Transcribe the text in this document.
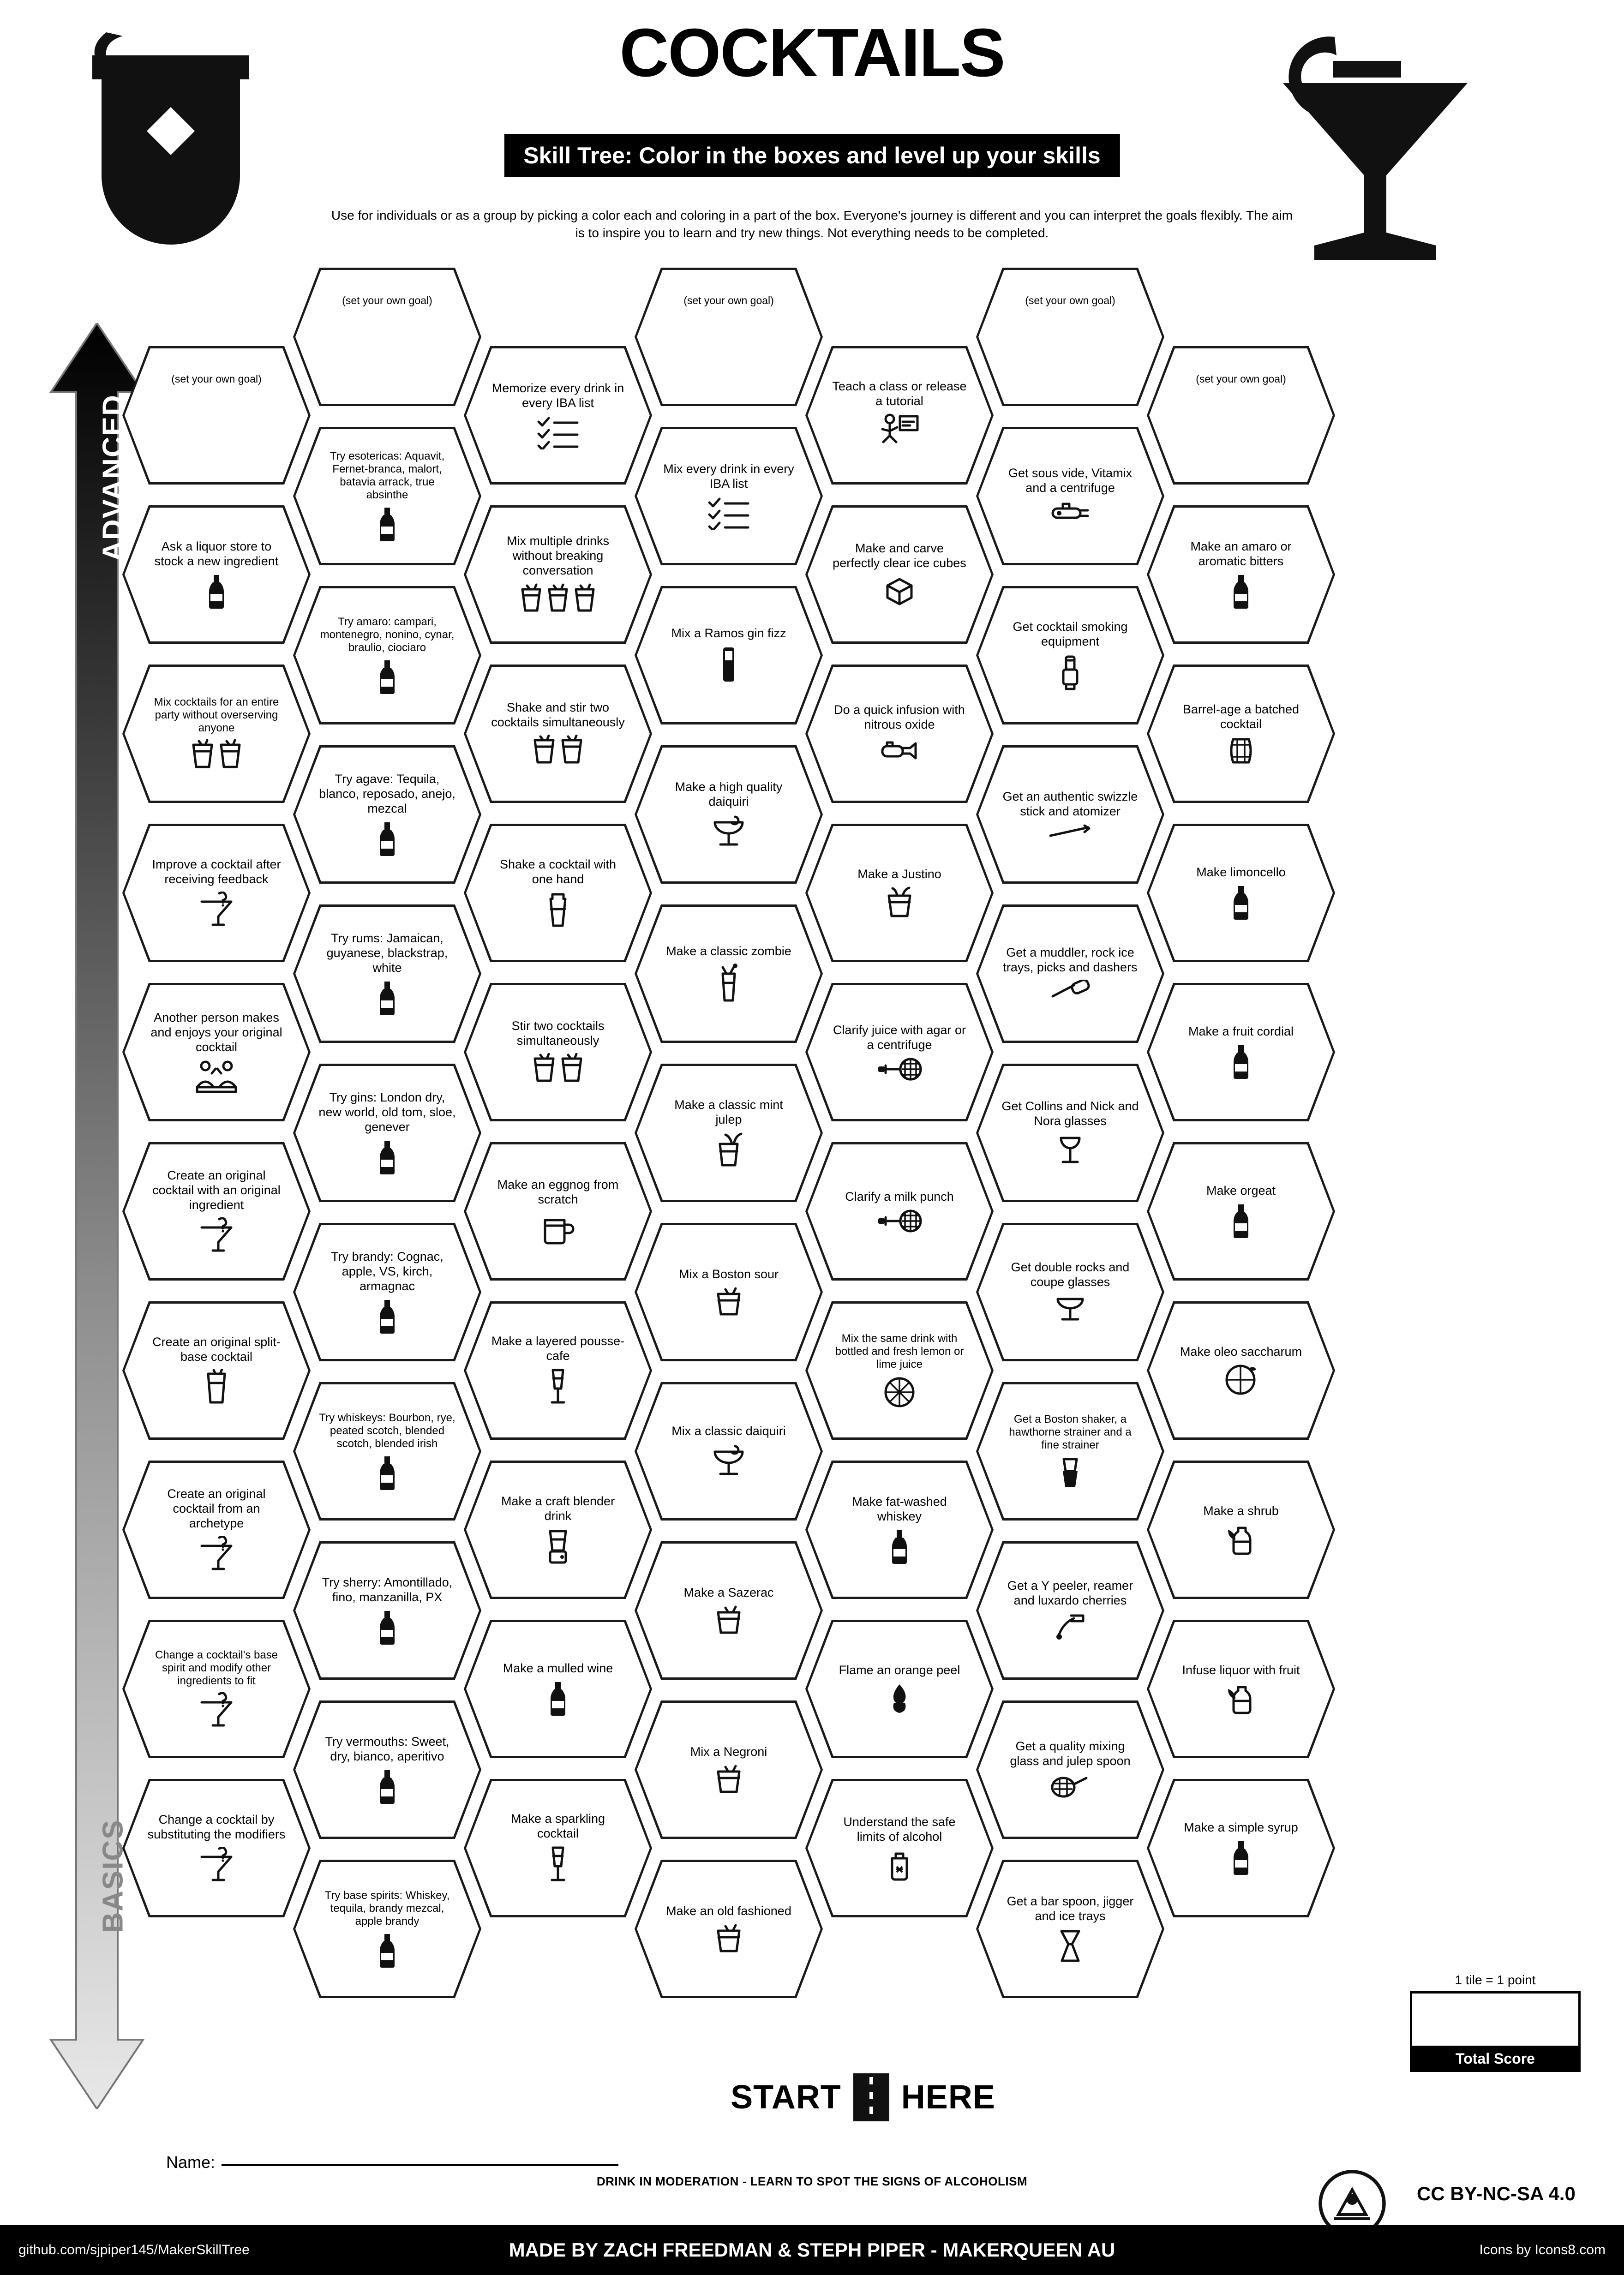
COCKTAILS
Skill Tree: Color in the boxes and level up your skills
Use for individuals or as a group by picking a color each and coloring in a part of the box. Everyone's journey is different and you can interpret the goals flexibly. The aim is to inspire you to learn and try new things. Not everything needs to be completed.
ADVANCED
BASICS
(set your own goal)
Ask a liquor store to stock a new ingredient
Mix cocktails for an entire party without overserving anyone
Improve a cocktail after receiving feedback
Another person makes and enjoys your original cocktail
Create an original cocktail with an original ingredient
Create an original split-base cocktail
Create an original cocktail from an archetype
Change a cocktail's base spirit and modify other ingredients to fit
Change a cocktail by substituting the modifiers
(set your own goal)
Try esotericas: Aquavit, Fernet-branca, malort, batavia arrack, true absinthe
Try amaro: campari, montenegro, nonino, cynar, braulio, ciociaro
Try agave: Tequila, blanco, reposado, anejo, mezcal
Try rums: Jamaican, guyanese, blackstrap, white
Try gins: London dry, new world, old tom, sloe, genever
Try brandy: Cognac, apple, VS, kirch, armagnac
Try whiskeys: Bourbon, rye, peated scotch, blended scotch, blended irish
Try sherry: Amontillado, fino, manzanilla, PX
Try vermouths: Sweet, dry, bianco, aperitivo
Try base spirits: Whiskey, tequila, brandy mezcal, apple brandy
Memorize every drink in every IBA list
Mix multiple drinks without breaking conversation
Shake and stir two cocktails simultaneously
Shake a cocktail with one hand
Stir two cocktails simultaneously
Make an eggnog from scratch
Make a layered pousse-cafe
Make a craft blender drink
Make a mulled wine
Make a sparkling cocktail
(set your own goal)
Mix every drink in every IBA list
Mix a Ramos gin fizz
Make a high quality daiquiri
Make a classic zombie
Make a classic mint julep
Mix a Boston sour
Mix a classic daiquiri
Make a Sazerac
Mix a Negroni
Make an old fashioned
Teach a class or release a tutorial
Make and carve perfectly clear ice cubes
Do a quick infusion with nitrous oxide
Make a Justino
Clarify juice with agar or a centrifuge
Clarify a milk punch
Mix the same drink with bottled and fresh lemon or lime juice
Make fat-washed whiskey
Flame an orange peel
Understand the safe limits of alcohol
(set your own goal)
Get sous vide, Vitamix and a centrifuge
Get cocktail smoking equipment
Get an authentic swizzle stick and atomizer
Get a muddler, rock ice trays, picks and dashers
Get Collins and Nick and Nora glasses
Get double rocks and coupe glasses
Get a Boston shaker, a hawthorne strainer and a fine strainer
Get a Y peeler, reamer and luxardo cherries
Get a quality mixing glass and julep spoon
Get a bar spoon, jigger and ice trays
(set your own goal)
Make an amaro or aromatic bitters
Barrel-age a batched cocktail
Make limoncello
Make a fruit cordial
Make orgeat
Make oleo saccharum
Make a shrub
Infuse liquor with fruit
Make a simple syrup
START HERE
Name:
1 tile = 1 point
Total Score
DRINK IN MODERATION - LEARN TO SPOT THE SIGNS OF ALCOHOLISM
CC BY-NC-SA 4.0
github.com/sjpiper145/MakerSkillTree	MADE BY ZACH FREEDMAN & STEPH PIPER - MAKERQUEEN AU	Icons by Icons8.com
